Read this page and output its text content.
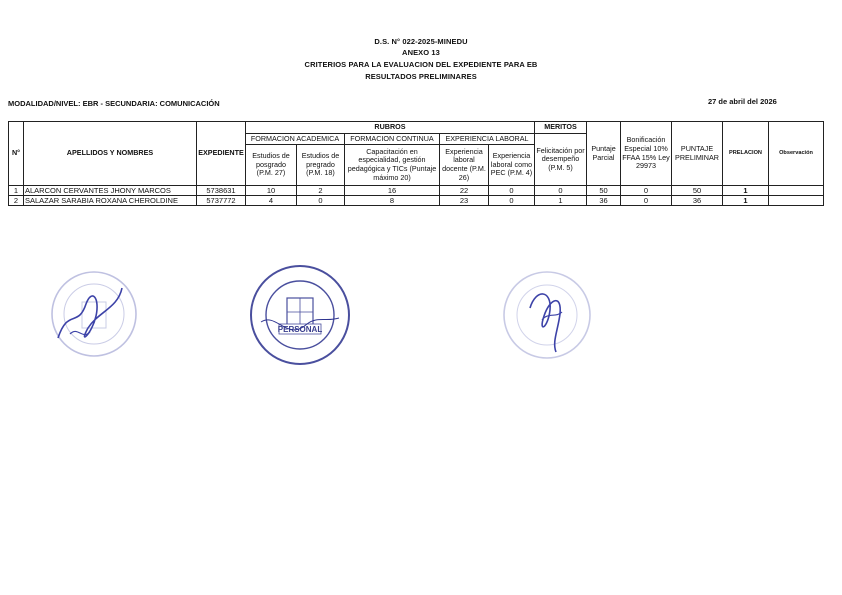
D.S. N° 022-2025-MINEDU
ANEXO 13
CRITERIOS PARA LA EVALUACION DEL EXPEDIENTE PARA EB
RESULTADOS PRELIMINARES
MODALIDAD/NIVEL: EBR - SECUNDARIA: COMUNICACIÓN	27 de abril del 2026
N°	APELLIDOS Y NOMBRES	EXPEDIENTE	RUBROS					MERITOS	Puntaje Parcial	Bonificación Especial 10% FFAA 15% Ley 29973	PUNTAJE PRELIMINAR	PRELACION	Observación
			FORMACION ACADEMICA		FORMACION CONTINUA	EXPERIENCIA LABORAL		Felicitación por desempeño (P.M. 5)					
			Estudios de posgrado (P.M. 27)	Estudios de pregrado (P.M. 18)	Capacitación en especialidad, gestión pedagógica y TICs (Puntaje máximo 20)	Experiencia laboral docente (P.M. 26)	Experiencia laboral como PEC (P.M. 4)						
1	ALARCON CERVANTES JHONY MARCOS	5738631	10	2	16	22	0	0	50	0	50	1	
2	SALAZAR SARABIA ROXANA CHEROLDINE	5737772	4	0	8	23	0	1	36	0	36	1	
PERSONAL
